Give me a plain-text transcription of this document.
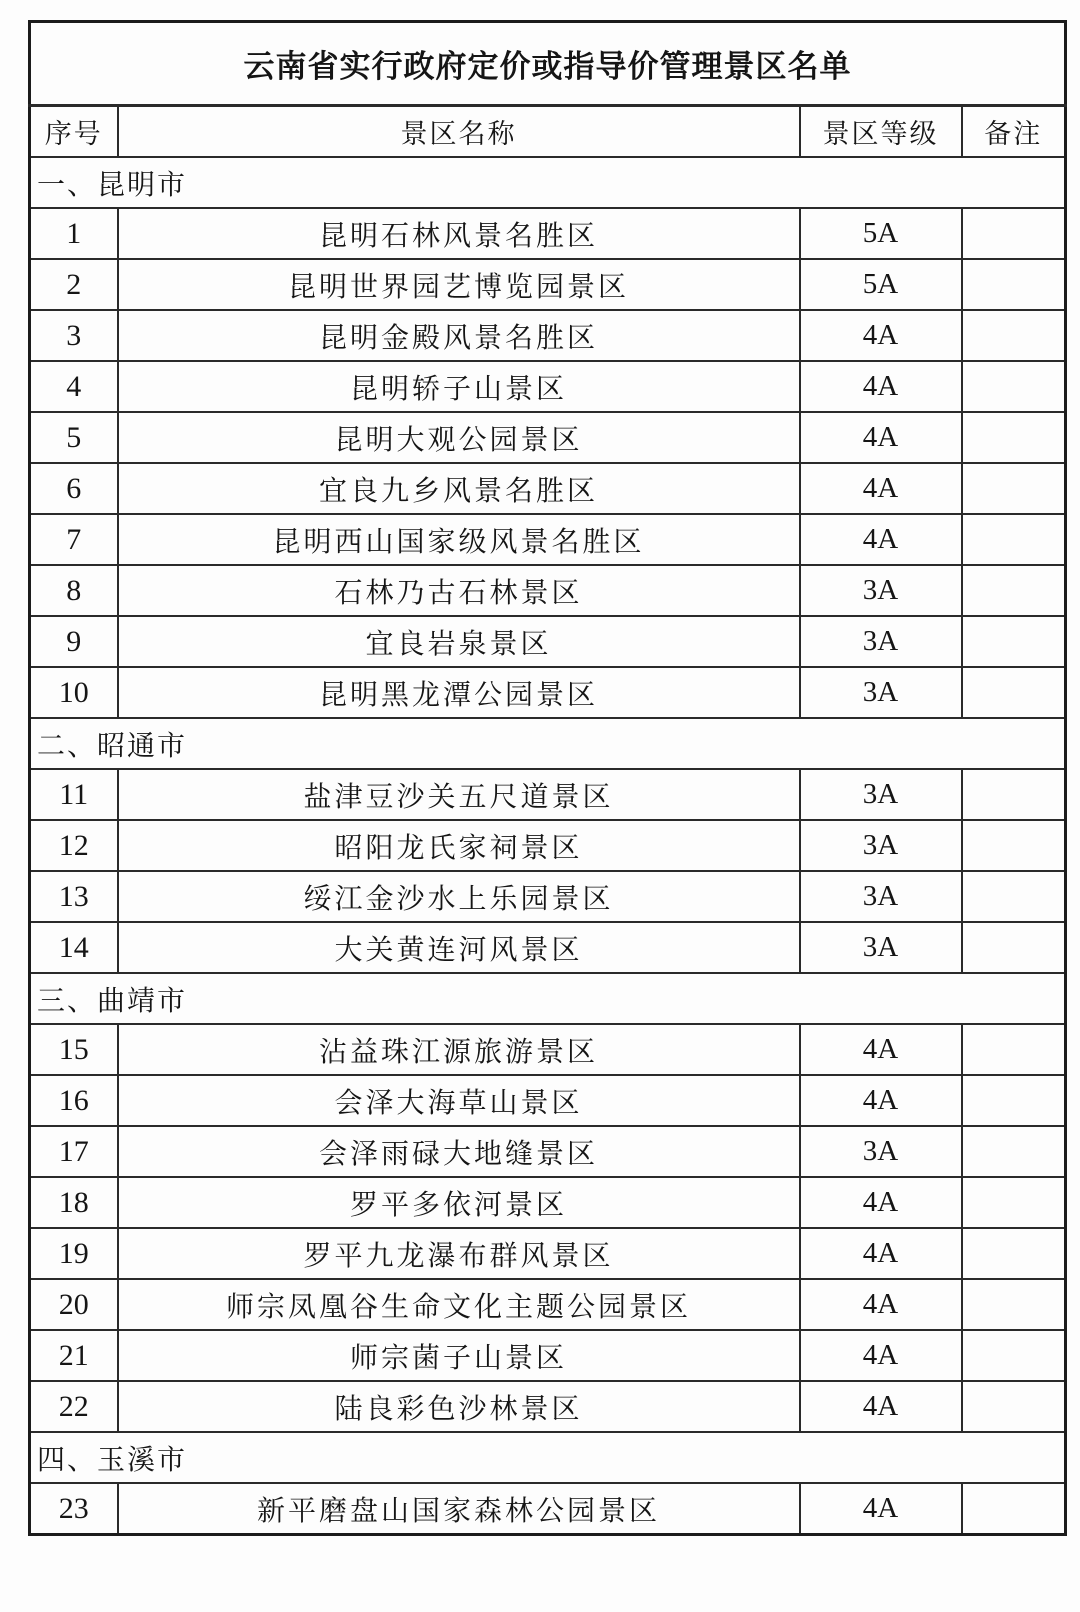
云南省实行政府定价或指导价管理景区名单			
序号	景区名称	景区等级	备注
一、昆明市			
1	昆明石林风景名胜区	5A	
2	昆明世界园艺博览园景区	5A	
3	昆明金殿风景名胜区	4A	
4	昆明轿子山景区	4A	
5	昆明大观公园景区	4A	
6	宜良九乡风景名胜区	4A	
7	昆明西山国家级风景名胜区	4A	
8	石林乃古石林景区	3A	
9	宜良岩泉景区	3A	
10	昆明黑龙潭公园景区	3A	
二、昭通市			
11	盐津豆沙关五尺道景区	3A	
12	昭阳龙氏家祠景区	3A	
13	绥江金沙水上乐园景区	3A	
14	大关黄连河风景区	3A	
三、曲靖市			
15	沾益珠江源旅游景区	4A	
16	会泽大海草山景区	4A	
17	会泽雨碌大地缝景区	3A	
18	罗平多依河景区	4A	
19	罗平九龙瀑布群风景区	4A	
20	师宗凤凰谷生命文化主题公园景区	4A	
21	师宗菌子山景区	4A	
22	陆良彩色沙林景区	4A	
四、玉溪市			
23	新平磨盘山国家森林公园景区	4A	
